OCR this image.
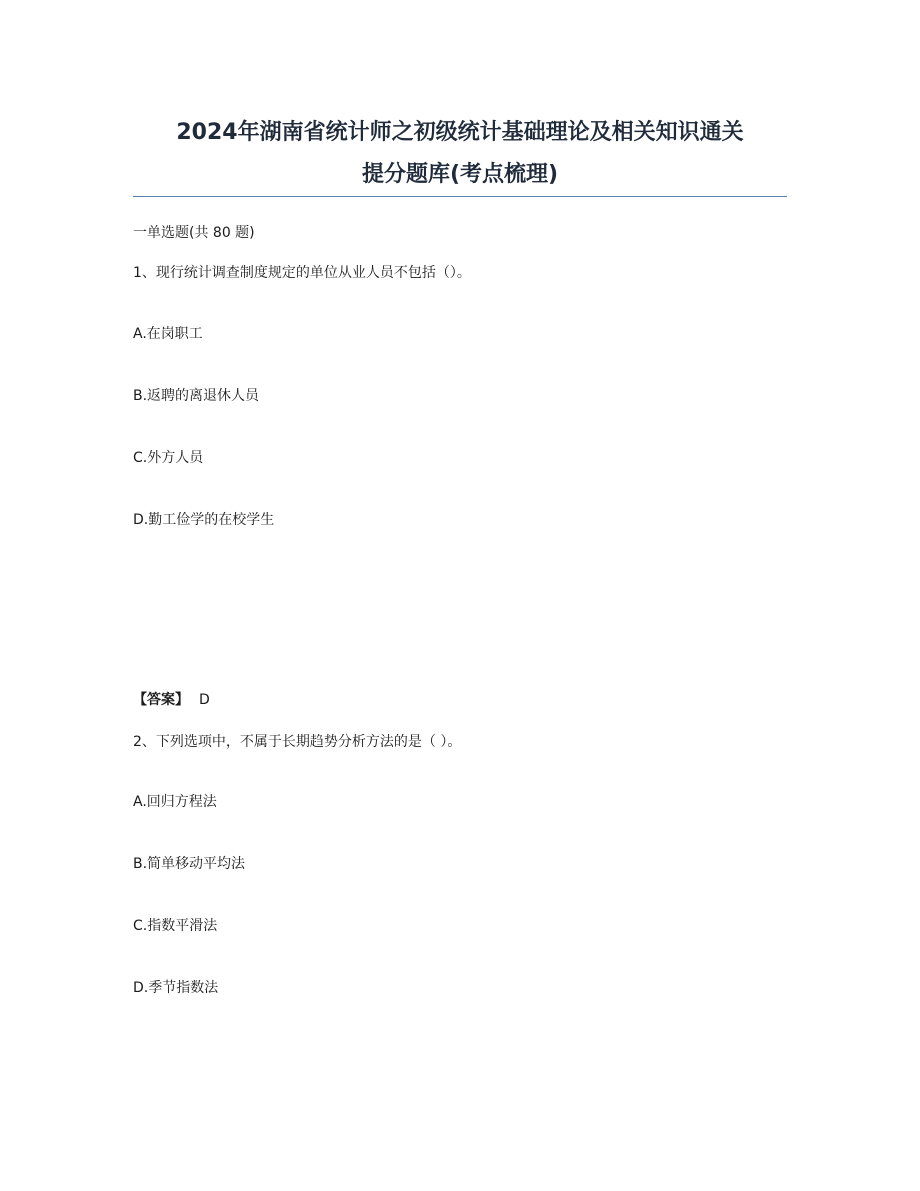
2024年湖南省统计师之初级统计基础理论及相关知识通关
提分题库(考点梳理)
一单选题(共 80 题)
1、现行统计调查制度规定的单位从业人员不包括（）。
A.在岗职工
B.返聘的离退休人员
C.外方人员
D.勤工俭学的在校学生
【答案】 D
2、下列选项中，不属于长期趋势分析方法的是（ ）。
A.回归方程法
B.简单移动平均法
C.指数平滑法
D.季节指数法
